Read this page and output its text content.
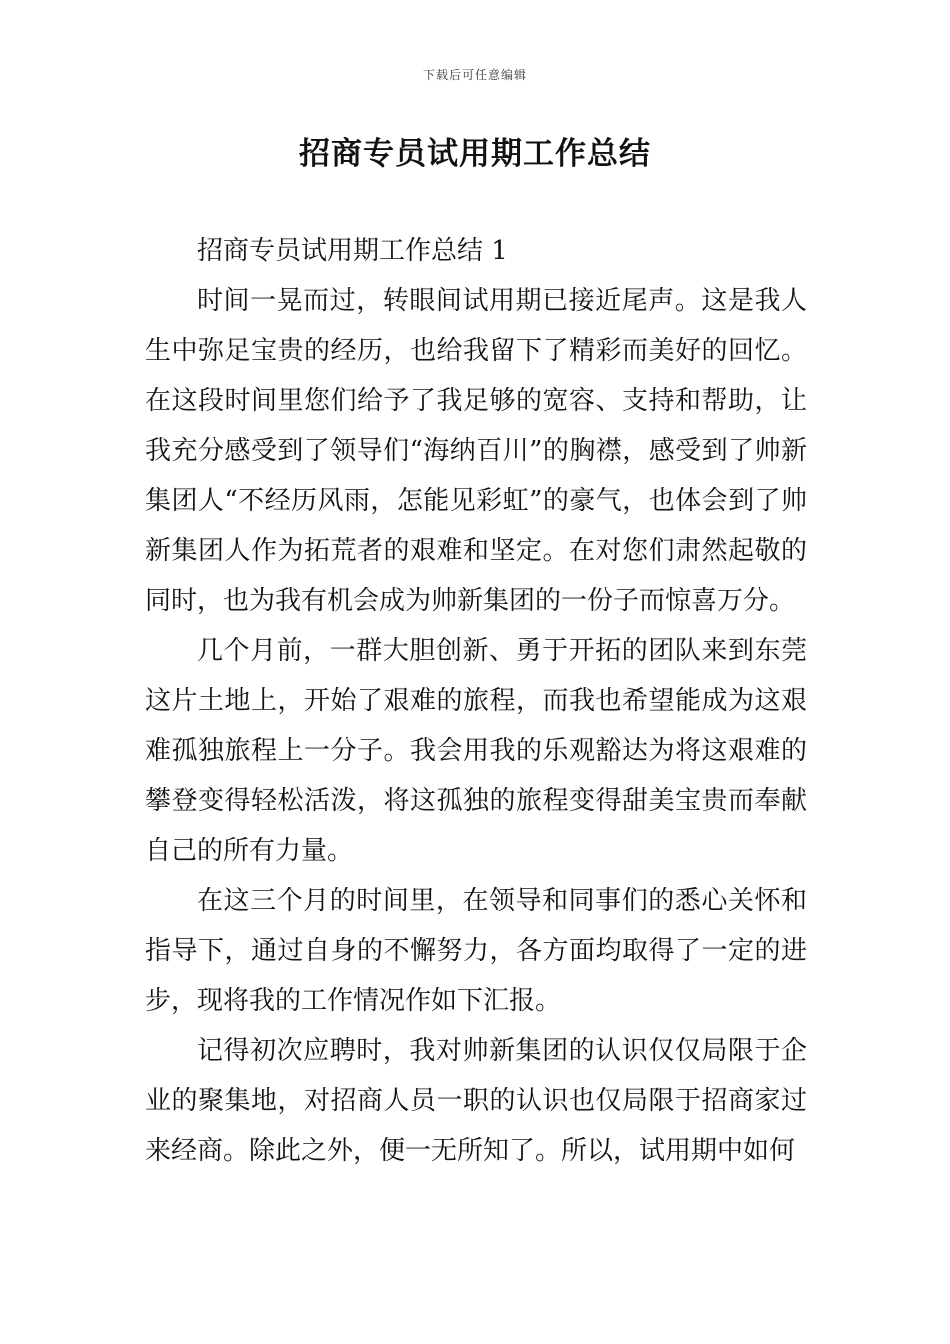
下载后可任意编辑
招商专员试用期工作总结

招商专员试用期工作总结 1

时间一晃而过，转眼间试用期已接近尾声。这是我人生中弥足宝贵的经历，也给我留下了精彩而美好的回忆。在这段时间里您们给予了我足够的宽容、支持和帮助，让我充分感受到了领导们“海纳百川”的胸襟，感受到了帅新集团人“不经历风雨，怎能见彩虹”的豪气，也体会到了帅新集团人作为拓荒者的艰难和坚定。在对您们肃然起敬的同时，也为我有机会成为帅新集团的一份子而惊喜万分。

几个月前，一群大胆创新、勇于开拓的团队来到东莞这片土地上，开始了艰难的旅程，而我也希望能成为这艰难孤独旅程上一分子。我会用我的乐观豁达为将这艰难的攀登变得轻松活泼，将这孤独的旅程变得甜美宝贵而奉献自己的所有力量。

在这三个月的时间里，在领导和同事们的悉心关怀和指导下，通过自身的不懈努力，各方面均取得了一定的进步，现将我的工作情况作如下汇报。

记得初次应聘时，我对帅新集团的认识仅仅局限于企业的聚集地，对招商人员一职的认识也仅局限于招商家过来经商。除此之外，便一无所知了。所以，试用期中如何
